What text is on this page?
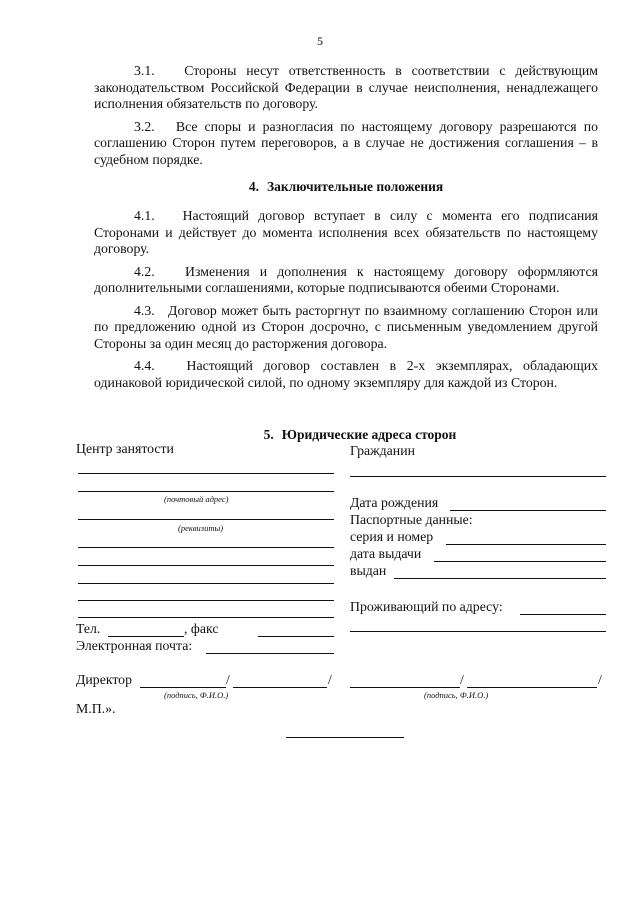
5

3.1. Стороны несут ответственность в соответствии с действующим законодательством Российской Федерации в случае неисполнения, ненадлежащего исполнения обязательств по договору.

3.2. Все споры и разногласия по настоящему договору разрешаются по соглашению Сторон путем переговоров, а в случае не достижения соглашения – в судебном порядке.

4. Заключительные положения

4.1. Настоящий договор вступает в силу с момента его подписания Сторонами и действует до момента исполнения всех обязательств по настоящему договору.

4.2. Изменения и дополнения к настоящему договору оформляются дополнительными соглашениями, которые подписываются обеими Сторонами.

4.3. Договор может быть расторгнут по взаимному соглашению Сторон или по предложению одной из Сторон досрочно, с письменным уведомлением другой Стороны за один месяц до расторжения договора.

4.4. Настоящий договор составлен в 2-х экземплярах, обладающих одинаковой юридической силой, по одному экземпляру для каждой из Сторон.

5. Юридические адреса сторон
Центр занятости
(почтовый адрес)
(реквизиты)
Тел.	, факс
Электронная почта:
Директор	/	/
(подпись, Ф.И.О.)
М.П.».
Гражданин
Дата рождения
Паспортные данные:
серия и номер
дата выдачи
выдан
Проживающий по адресу:
/	/
(подпись, Ф.И.О.)
